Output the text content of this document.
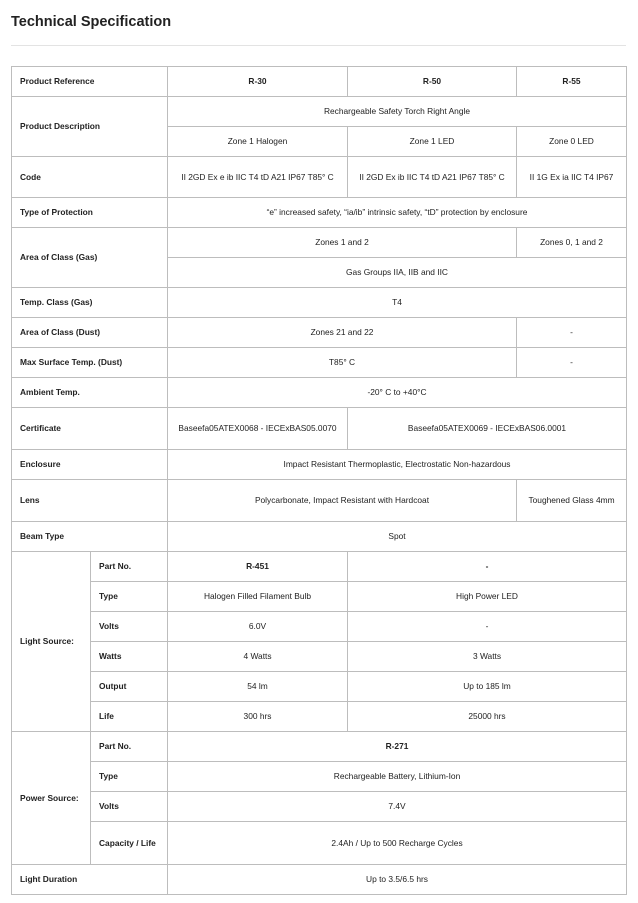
Technical Specification
Product Reference		R-30	R-50	R-55
Product Description		Rechargeable Safety Torch Right Angle		
		Zone 1 Halogen	Zone 1 LED	Zone 0 LED
Code		II 2GD Ex e ib IIC T4 tD A21 IP67 T85° C	II 2GD Ex ib IIC T4 tD A21 IP67 T85° C	II 1G Ex ia IIC T4 IP67
Type of Protection		“e” increased safety, “ia/ib” intrinsic safety, “tD” protection by enclosure		
Area of Class (Gas)		Zones 1 and 2		Zones 0, 1 and 2
		Gas Groups IIA, IIB and IIC		
Temp. Class (Gas)		T4		
Area of Class (Dust)		Zones 21 and 22		-
Max Surface Temp. (Dust)		T85° C		-
Ambient Temp.		-20° C to +40°C		
Certificate		Baseefa05ATEX0068 - IECExBAS05.0070	Baseefa05ATEX0069 - IECExBAS06.0001	
Enclosure		Impact Resistant Thermoplastic, Electrostatic Non-hazardous		
Lens		Polycarbonate, Impact Resistant with Hardcoat		Toughened Glass 4mm
Beam Type		Spot		
Light Source:	Part No.	R-451	-	
	Type	Halogen Filled Filament Bulb	High Power LED	
	Volts	6.0V	-	
	Watts	4 Watts	3 Watts	
	Output	54 lm	Up to 185 lm	
	Life	300 hrs	25000 hrs	
Power Source:	Part No.	R-271		
	Type	Rechargeable Battery, Lithium-Ion		
	Volts	7.4V		
	Capacity / Life	2.4Ah / Up to 500 Recharge Cycles		
Light Duration		Up to 3.5/6.5 hrs		
